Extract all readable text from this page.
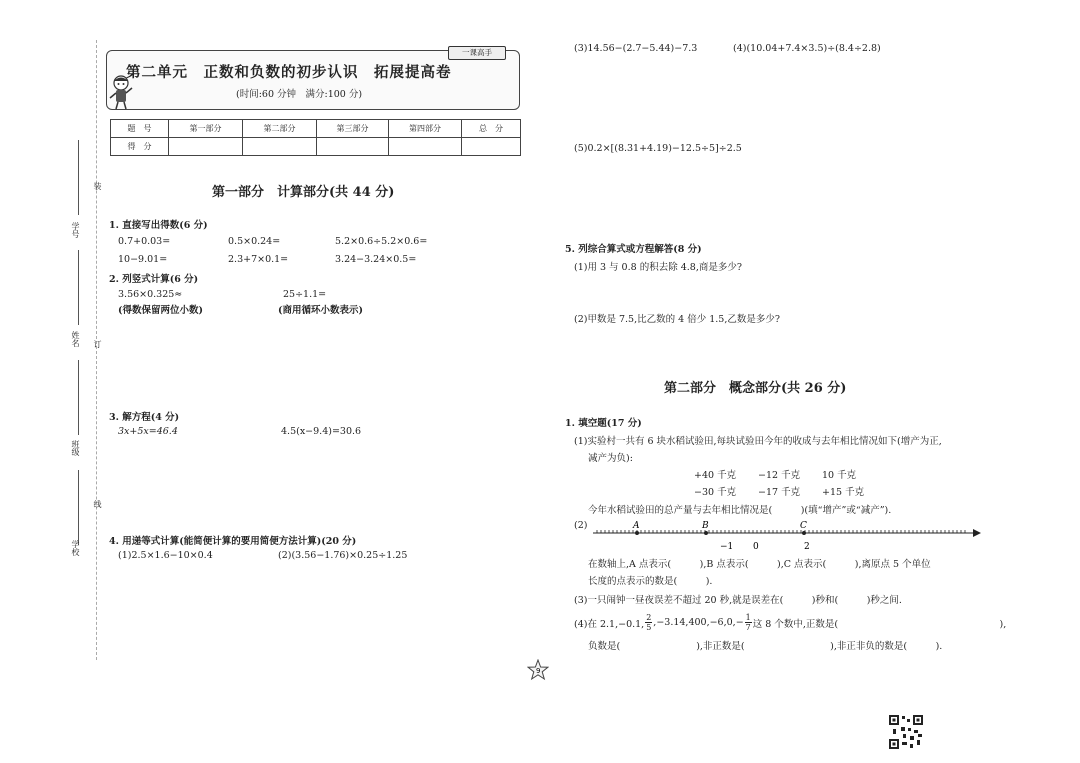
学号
姓名
班级
学校
装
订
线
一课高手
第二单元　正数和负数的初步认识　拓展提高卷
(时间:60 分钟　满分:100 分)
题　号	第一部分	第二部分	第三部分	第四部分	总　分
得　分					
第一部分　计算部分(共 44 分)
1. 直接写出得数(6 分)
0.7+0.03=	0.5×0.24=	5.2×0.6÷5.2×0.6=
10−9.01=	2.3+7×0.1=	3.24−3.24×0.5=
2. 列竖式计算(6 分)
3.56×0.325≈
(得数保留两位小数)
25÷1.1=
(商用循环小数表示)
3. 解方程(4 分)
3x+5x=46.4	4.5(x−9.4)=30.6
4. 用递等式计算(能简便计算的要用简便方法计算)(20 分)
(1)2.5×1.6−10×0.4	(2)(3.56−1.76)×0.25÷1.25
(3)14.56−(2.7−5.44)−7.3	(4)(10.04+7.4×3.5)÷(8.4÷2.8)
(5)0.2×[(8.31+4.19)−12.5÷5]÷2.5
5. 列综合算式或方程解答(8 分)
(1)用 3 与 0.8 的积去除 4.8,商是多少?
(2)甲数是 7.5,比乙数的 4 倍少 1.5,乙数是多少?
第二部分　概念部分(共 26 分)
1. 填空题(17 分)
(1)实验村一共有 6 块水稻试验田,每块试验田今年的收成与去年相比情况如下(增产为正,
减产为负):
+40 千克 −12 千克 10 千克
−30 千克 −17 千克 +15 千克
今年水稻试验田的总产量与去年相比情况是(　　　)(填“增产”或“减产”).
(2)	A	B	C
−1 0	2
在数轴上,A 点表示(　　　),B 点表示(　　　),C 点表示(　　　),离原点 5 个单位
长度的点表示的数是(　　　).
(3)一只闹钟一昼夜误差不超过 20 秒,就是误差在(　　　)秒和(　　　)秒之间.
(4)在 2.1,−0.1, $\frac{2}{5} ,-3.14,400,-6,0,- \frac{1}{7}$ 这 8 个数中,正数是(　　　　　　　　　　　　　　　　　),
负数是(　　　　　　　　),非正数是(　　　　　　　　　),非正非负的数是(　　　).
9
